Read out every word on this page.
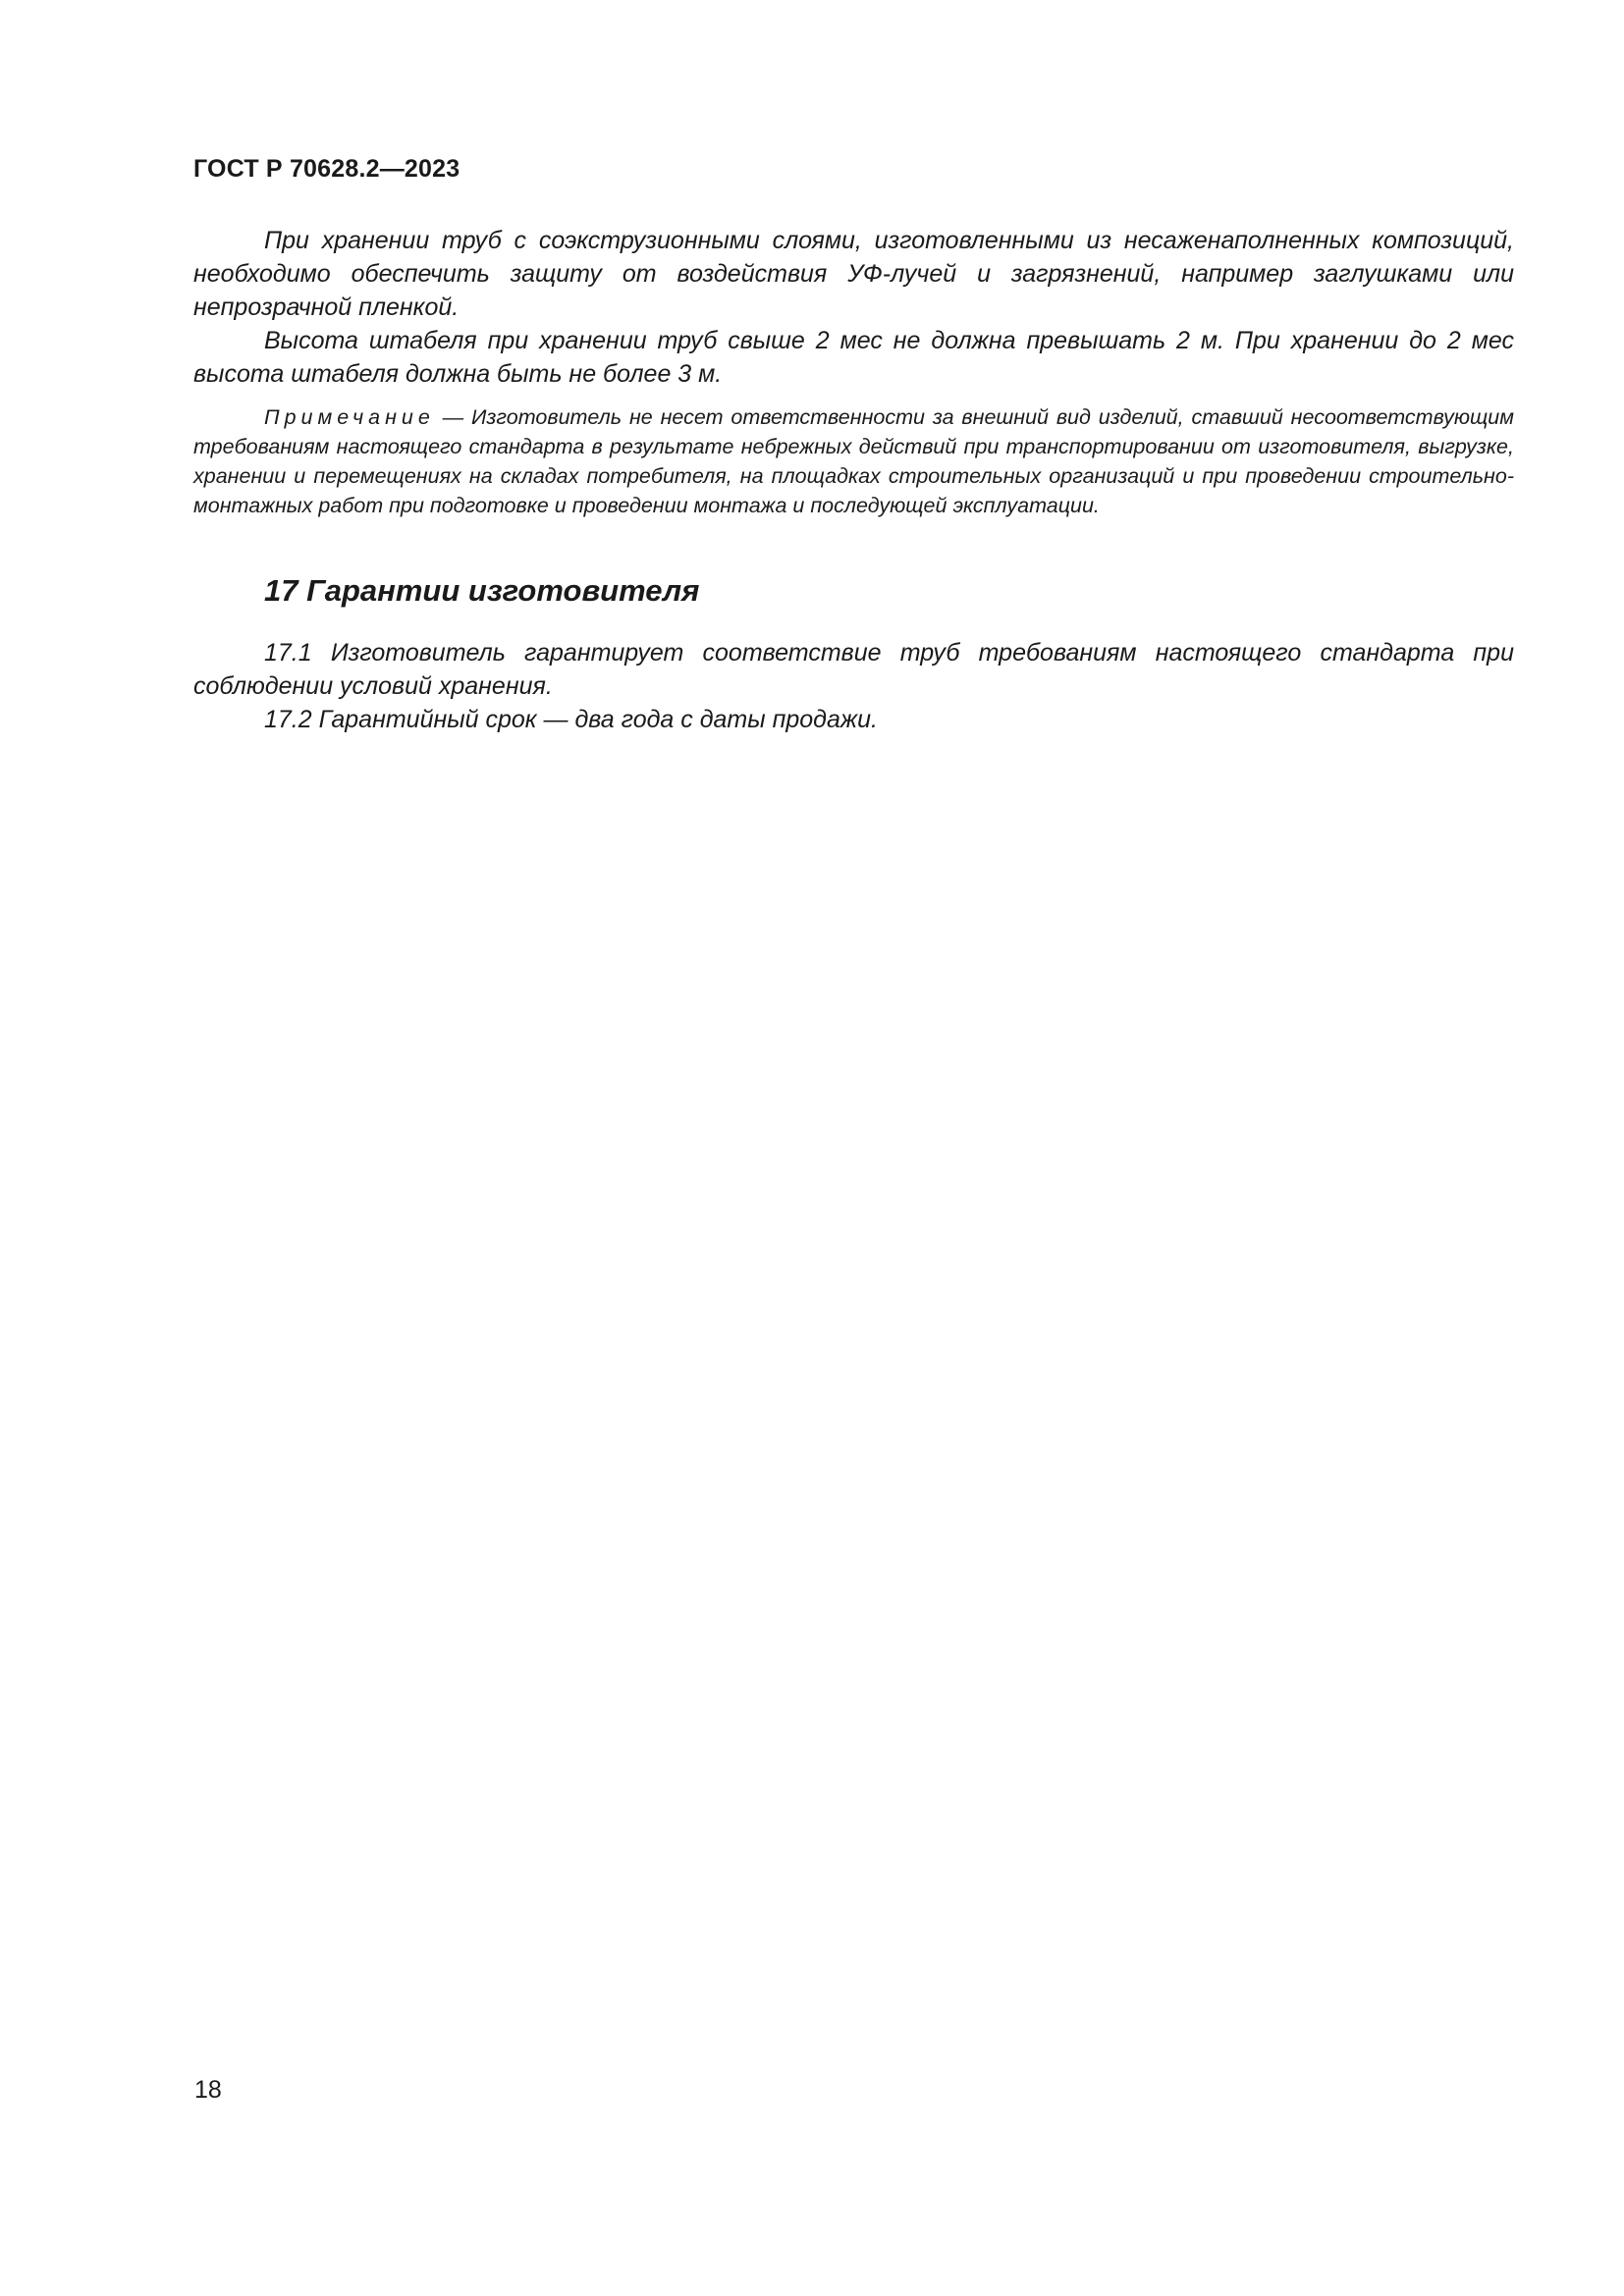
ГОСТ Р 70628.2—2023

При хранении труб с соэкструзионными слоями, изготовленными из несаженаполненных композиций, необходимо обеспечить защиту от воздействия УФ-лучей и загрязнений, например заглушками или непрозрачной пленкой.

Высота штабеля при хранении труб свыше 2 мес не должна превышать 2 м. При хранении до 2 мес высота штабеля должна быть не более 3 м.

Примечание — Изготовитель не несет ответственности за внешний вид изделий, ставший несоответствующим требованиям настоящего стандарта в результате небрежных действий при транспортировании от изготовителя, выгрузке, хранении и перемещениях на складах потребителя, на площадках строительных организаций и при проведении строительно-монтажных работ при подготовке и проведении монтажа и последующей эксплуатации.

17 Гарантии изготовителя

17.1 Изготовитель гарантирует соответствие труб требованиям настоящего стандарта при соблюдении условий хранения.

17.2 Гарантийный срок — два года с даты продажи.

18
